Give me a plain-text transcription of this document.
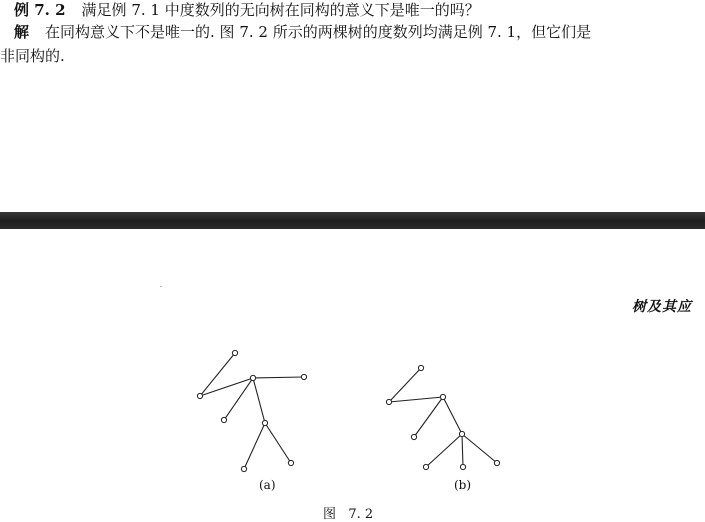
例 7. 2 满足例 7. 1 中度数列的无向树在同构的意义下是唯一的吗？
解 在同构意义下不是唯一的. 图 7. 2 所示的两棵树的度数列均满足例 7. 1，但它们是
非同构的.
树及其应
(a)	(b)
图   7. 2
